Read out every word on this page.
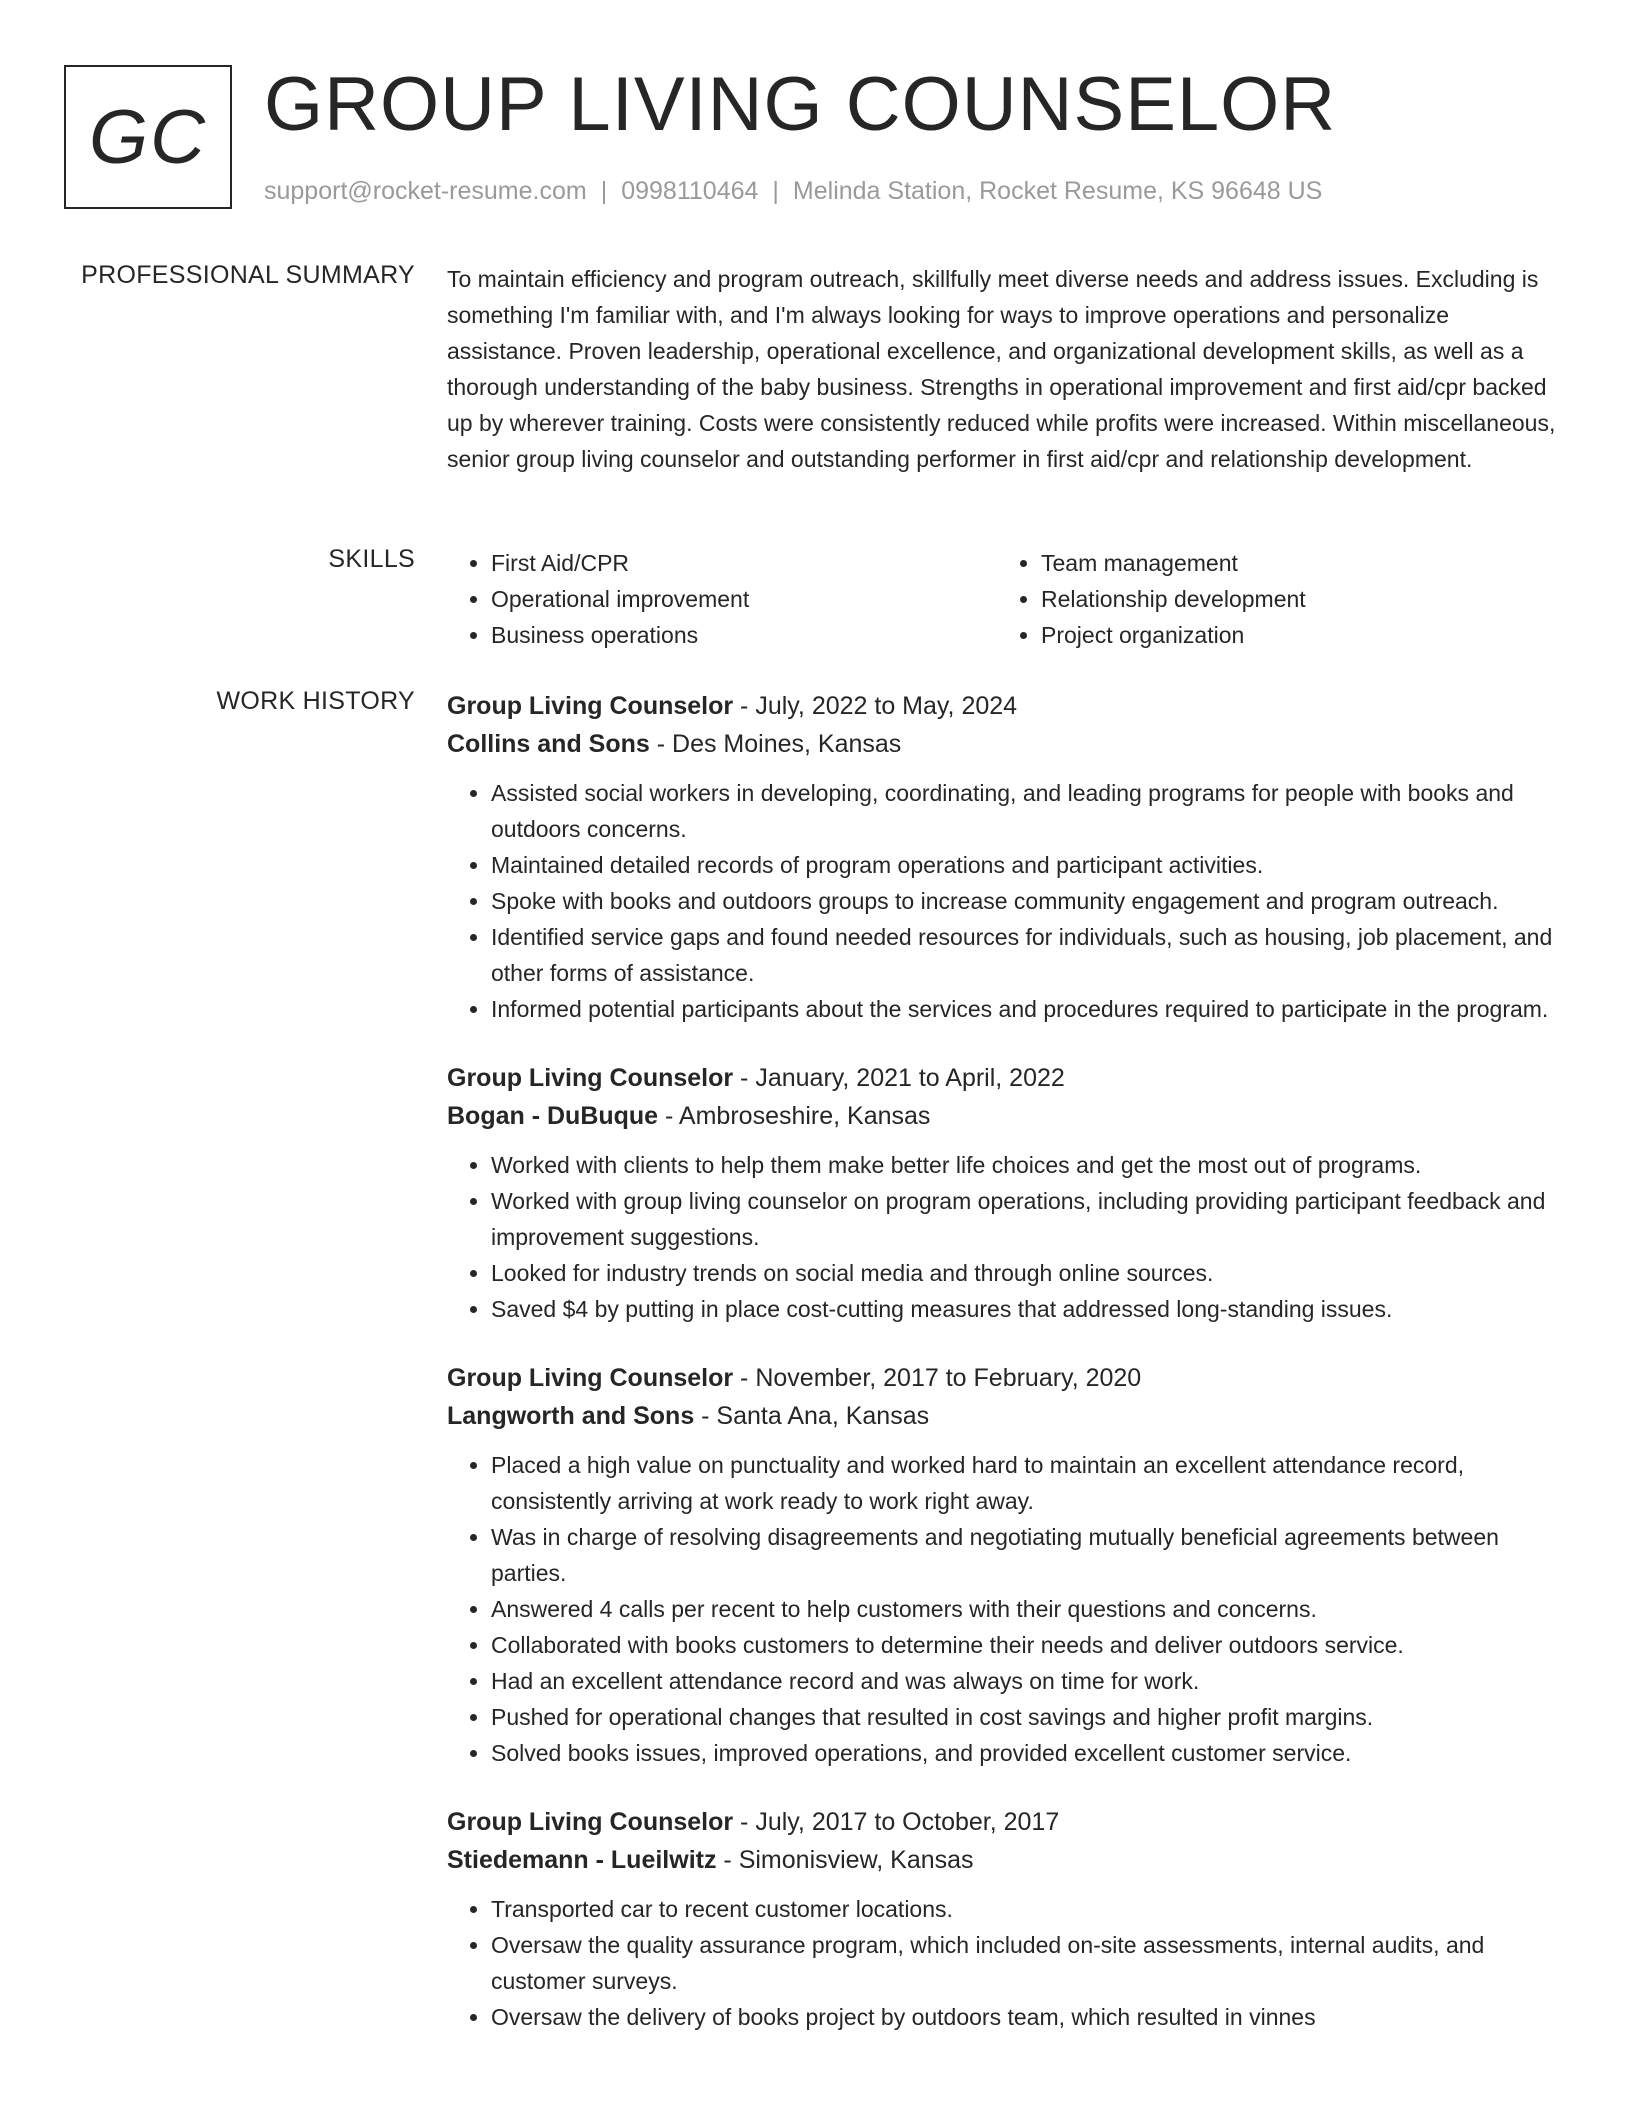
GC GROUP LIVING COUNSELOR
support@rocket-resume.com | 0998110464 | Melinda Station, Rocket Resume, KS 96648 US
PROFESSIONAL SUMMARY To maintain efficiency and program outreach, skillfully meet diverse needs and address issues. Excluding is something I'm familiar with, and I'm always looking for ways to improve operations and personalize assistance. Proven leadership, operational excellence, and organizational development skills, as well as a thorough understanding of the baby business. Strengths in operational improvement and first aid/cpr backed up by wherever training. Costs were consistently reduced while profits were increased. Within miscellaneous, senior group living counselor and outstanding performer in first aid/cpr and relationship development.

SKILLS
•	First Aid/CPR
• Operational improvement
• Business operations
• Team management
• Relationship development
• Project organization
WORK HISTORY Group Living Counselor - July, 2022 to May, 2024
Collins and Sons - Des Moines, Kansas
• Assisted social workers in developing, coordinating, and leading programs for people with books and outdoors concerns.
• Maintained detailed records of program operations and participant activities.
• Spoke with books and outdoors groups to increase community engagement and program outreach.
• Identified service gaps and found needed resources for individuals, such as housing, job placement, and other forms of assistance.
• Informed potential participants about the services and procedures required to participate in the program.
Group Living Counselor - January, 2021 to April, 2022
Bogan - DuBuque - Ambroseshire, Kansas
• Worked with clients to help them make better life choices and get the most out of programs.
• Worked with group living counselor on program operations, including providing participant feedback and improvement suggestions.
• Looked for industry trends on social media and through online sources.
• Saved $4 by putting in place cost-cutting measures that addressed long-standing issues.
Group Living Counselor - November, 2017 to February, 2020
Langworth and Sons - Santa Ana, Kansas
• Placed a high value on punctuality and worked hard to maintain an excellent attendance record, consistently arriving at work ready to work right away.
• Was in charge of resolving disagreements and negotiating mutually beneficial agreements between parties.
• Answered 4 calls per recent to help customers with their questions and concerns.
• Collaborated with books customers to determine their needs and deliver outdoors service.
• Had an excellent attendance record and was always on time for work.
• Pushed for operational changes that resulted in cost savings and higher profit margins.
• Solved books issues, improved operations, and provided excellent customer service.
Group Living Counselor - July, 2017 to October, 2017
Stiedemann - Lueilwitz - Simonisview, Kansas
• Transported car to recent customer locations.
• Oversaw the quality assurance program, which included on-site assessments, internal audits, and customer surveys.
• Oversaw the delivery of books project by outdoors team, which resulted in vinnes
